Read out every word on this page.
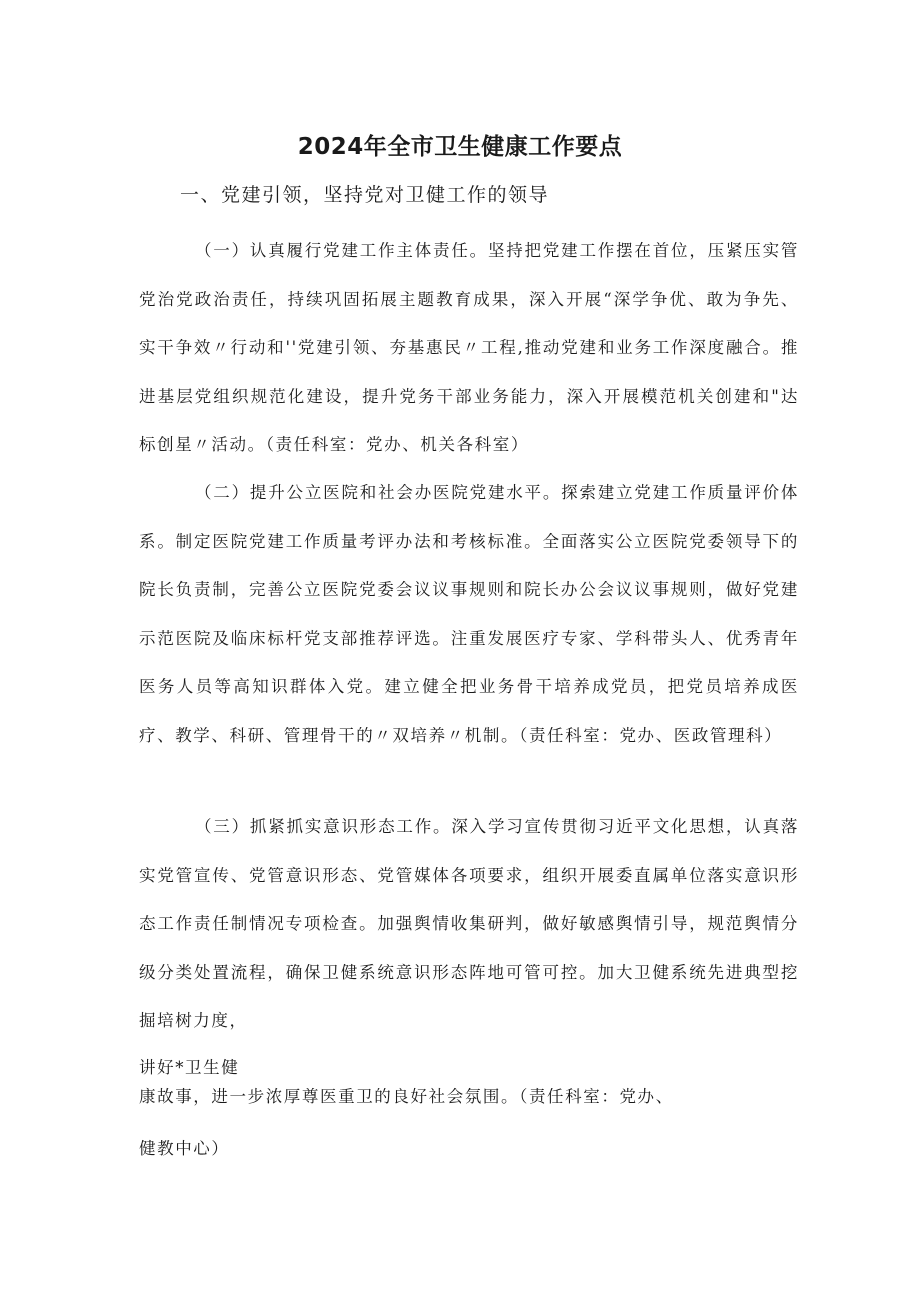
2024年全市卫生健康工作要点
一、党建引领，坚持党对卫健工作的领导

（一）认真履行党建工作主体责任。坚持把党建工作摆在首位，压紧压实管党治党政治责任，持续巩固拓展主题教育成果，深入开展“深学争优、敢为争先、实干争效〃行动和''党建引领、夯基惠民〃工程,推动党建和业务工作深度融合。推进基层党组织规范化建设，提升党务干部业务能力，深入开展模范机关创建和"达标创星〃活动。（责任科室：党办、机关各科室）

（二）提升公立医院和社会办医院党建水平。探索建立党建工作质量评价体系。制定医院党建工作质量考评办法和考核标准。全面落实公立医院党委领导下的院长负责制，完善公立医院党委会议议事规则和院长办公会议议事规则，做好党建示范医院及临床标杆党支部推荐评选。注重发展医疗专家、学科带头人、优秀青年医务人员等高知识群体入党。建立健全把业务骨干培养成党员，把党员培养成医疗、教学、科研、管理骨干的〃双培养〃机制。（责任科室：党办、医政管理科）

（三）抓紧抓实意识形态工作。深入学习宣传贯彻习近平文化思想，认真落实党管宣传、党管意识形态、党管媒体各项要求，组织开展委直属单位落实意识形态工作责任制情况专项检查。加强舆情收集研判，做好敏感舆情引导，规范舆情分级分类处置流程，确保卫健系统意识形态阵地可管可控。加大卫健系统先进典型挖掘培树力度，

讲好*卫生健
康故事，进一步浓厚尊医重卫的良好社会氛围。（责任科室：党办、
健教中心）
